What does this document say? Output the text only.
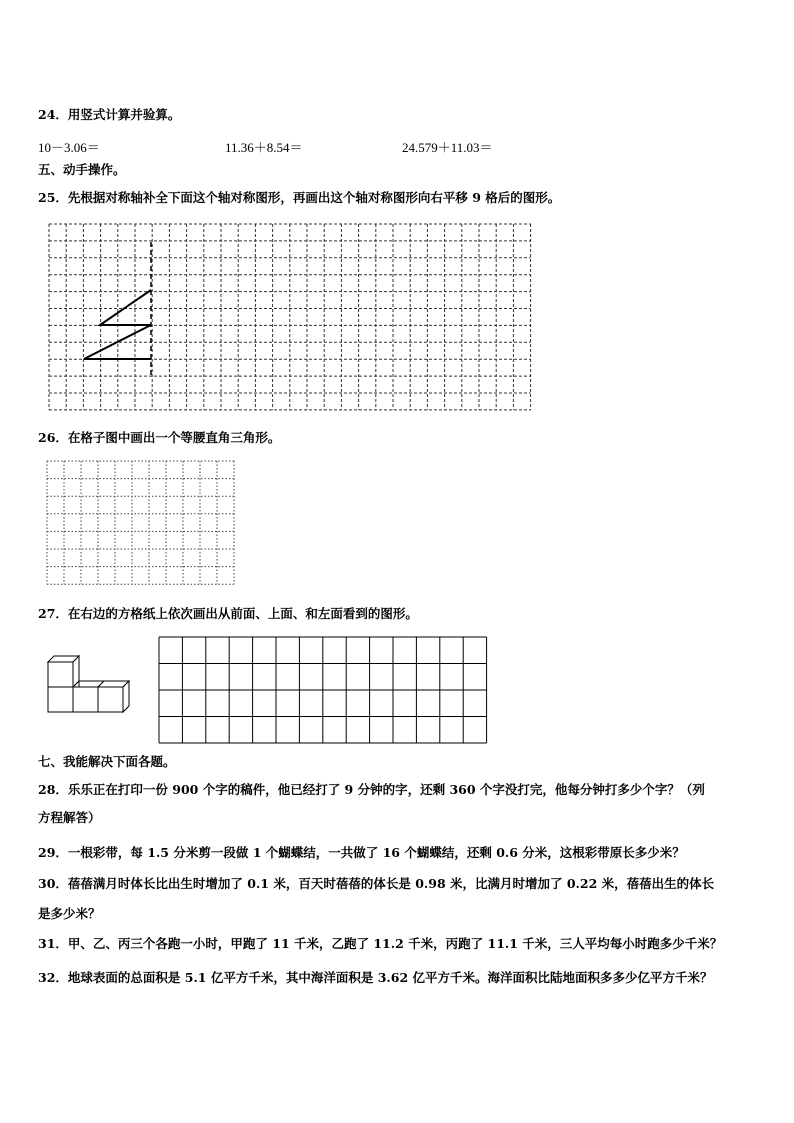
24．用竖式计算并验算。
10－3.06＝	11.36＋8.54＝	24.579＋11.03＝
五、动手操作。
25．先根据对称轴补全下面这个轴对称图形，再画出这个轴对称图形向右平移 9 格后的图形。
26．在格子图中画出一个等腰直角三角形。
27．在右边的方格纸上依次画出从前面、上面、和左面看到的图形。
七、我能解决下面各题。
28．乐乐正在打印一份 900 个字的稿件，他已经打了 9 分钟的字，还剩 360 个字没打完，他每分钟打多少个字？（列
方程解答）
29．一根彩带，每 1.5 分米剪一段做 1 个蝴蝶结，一共做了 16 个蝴蝶结，还剩 0.6 分米，这根彩带原长多少米？
30．蓓蓓满月时体长比出生时增加了 0.1 米，百天时蓓蓓的体长是 0.98 米，比满月时增加了 0.22 米，蓓蓓出生的体长
是多少米？
31．甲、乙、丙三个各跑一小时，甲跑了 11 千米，乙跑了 11.2 千米，丙跑了 11.1 千米，三人平均每小时跑多少千米？
32．地球表面的总面积是 5.1 亿平方千米，其中海洋面积是 3.62 亿平方千米。海洋面积比陆地面积多多少亿平方千米？
